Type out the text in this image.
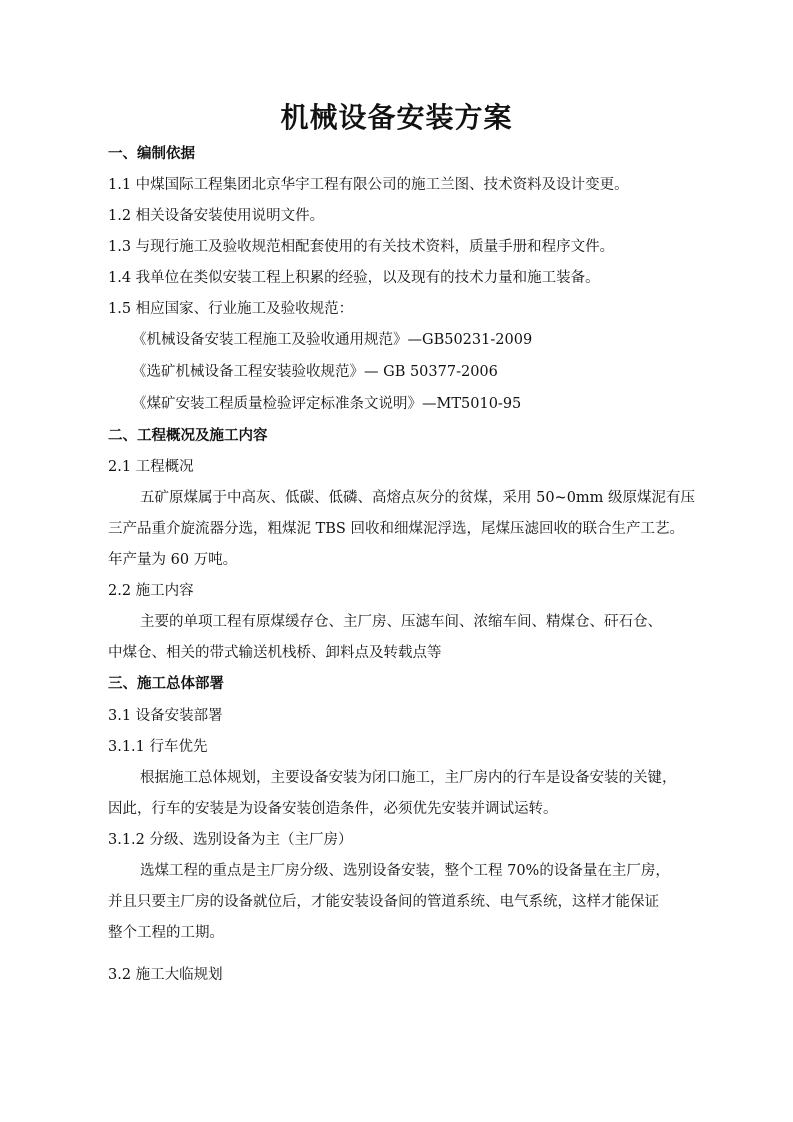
机械设备安装方案
一、编制依据
1.1 中煤国际工程集团北京华宇工程有限公司的施工兰图、技术资料及设计变更。
1.2 相关设备安装使用说明文件。
1.3 与现行施工及验收规范相配套使用的有关技术资料，质量手册和程序文件。
1.4 我单位在类似安装工程上积累的经验，以及现有的技术力量和施工装备。
1.5 相应国家、行业施工及验收规范：
《机械设备安装工程施工及验收通用规范》—GB50231-2009
《选矿机械设备工程安装验收规范》— GB 50377-2006
《煤矿安装工程质量检验评定标准条文说明》—MT5010-95
二、工程概况及施工内容
2.1 工程概况
五矿原煤属于中高灰、低碳、低磷、高熔点灰分的贫煤，采用 50~0mm 级原煤泥有压
三产品重介旋流器分选，粗煤泥 TBS 回收和细煤泥浮选，尾煤压滤回收的联合生产工艺。
年产量为 60 万吨。
2.2 施工内容
主要的单项工程有原煤缓存仓、主厂房、压滤车间、浓缩车间、精煤仓、矸石仓、
中煤仓、相关的带式输送机栈桥、卸料点及转载点等
三、施工总体部署
3.1 设备安装部署
3.1.1 行车优先
根据施工总体规划，主要设备安装为闭口施工，主厂房内的行车是设备安装的关键，
因此，行车的安装是为设备安装创造条件，必须优先安装并调试运转。
3.1.2 分级、选别设备为主（主厂房）
选煤工程的重点是主厂房分级、选别设备安装，整个工程 70%的设备量在主厂房，
并且只要主厂房的设备就位后，才能安装设备间的管道系统、电气系统，这样才能保证
整个工程的工期。
3.2 施工大临规划
